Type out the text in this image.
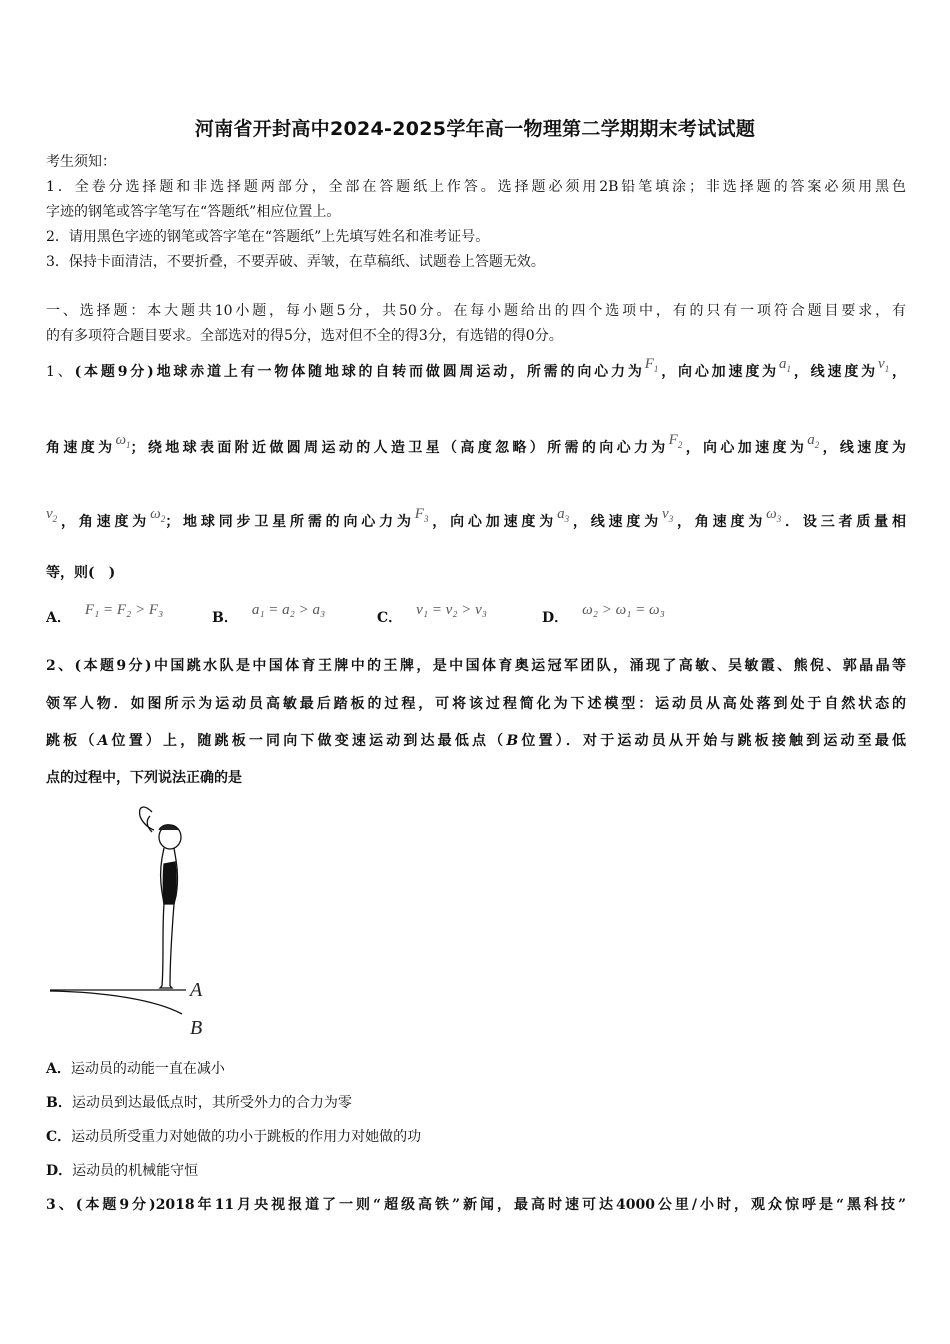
河南省开封高中2024-2025学年高一物理第二学期期末考试试题
考生须知：
1．全卷分选择题和非选择题两部分，全部在答题纸上作答。选择题必须用2B铅笔填涂；非选择题的答案必须用黑色
字迹的钢笔或答字笔写在“答题纸”相应位置上。
2．请用黑色字迹的钢笔或答字笔在“答题纸”上先填写姓名和准考证号。
3．保持卡面清洁，不要折叠，不要弄破、弄皱，在草稿纸、试题卷上答题无效。
一、选择题：本大题共10小题，每小题5分，共50分。在每小题给出的四个选项中，有的只有一项符合题目要求，有
的有多项符合题目要求。全部选对的得5分，选对但不全的得3分，有选错的得0分。
1、(本题9分)地球赤道上有一物体随地球的自转而做圆周运动，所需的向心力为$F_1$，向心加速度为$a_1$，线速度为$v_1$，
角速度为$\omega_1$；绕地球表面附近做圆周运动的人造卫星（高度忽略）所需的向心力为$F_2$，向心加速度为$a_2$，线速度为
$v_2$，角速度为$\omega_2$；地球同步卫星所需的向心力为$F_3$，向心加速度为$a_3$，线速度为$v_3$，角速度为$\omega_3$．设三者质量相
等，则(　)
A． F₁ = F₂ > F₃	B． a₁ = a₂ > a₃	C． v₁ = v₂ > v₃	D． ω₂ > ω₁ = ω₃
2、(本题9分)中国跳水队是中国体育王牌中的王牌，是中国体育奥运冠军团队，涌现了高敏、吴敏霞、熊倪、郭晶晶等
领军人物．如图所示为运动员高敏最后踏板的过程，可将该过程简化为下述模型：运动员从高处落到处于自然状态的
跳板（A位置）上，随跳板一同向下做变速运动到达最低点（B位置）．对于运动员从开始与跳板接触到运动至最低
点的过程中，下列说法正确的是
A
B
A．运动员的动能一直在减小
B．运动员到达最低点时，其所受外力的合力为零
C．运动员所受重力对她做的功小于跳板的作用力对她做的功
D．运动员的机械能守恒
3、(本题9分)2018年11月央视报道了一则“超级高铁”新闻，最高时速可达4000公里/小时，观众惊呼是“黑科技”
